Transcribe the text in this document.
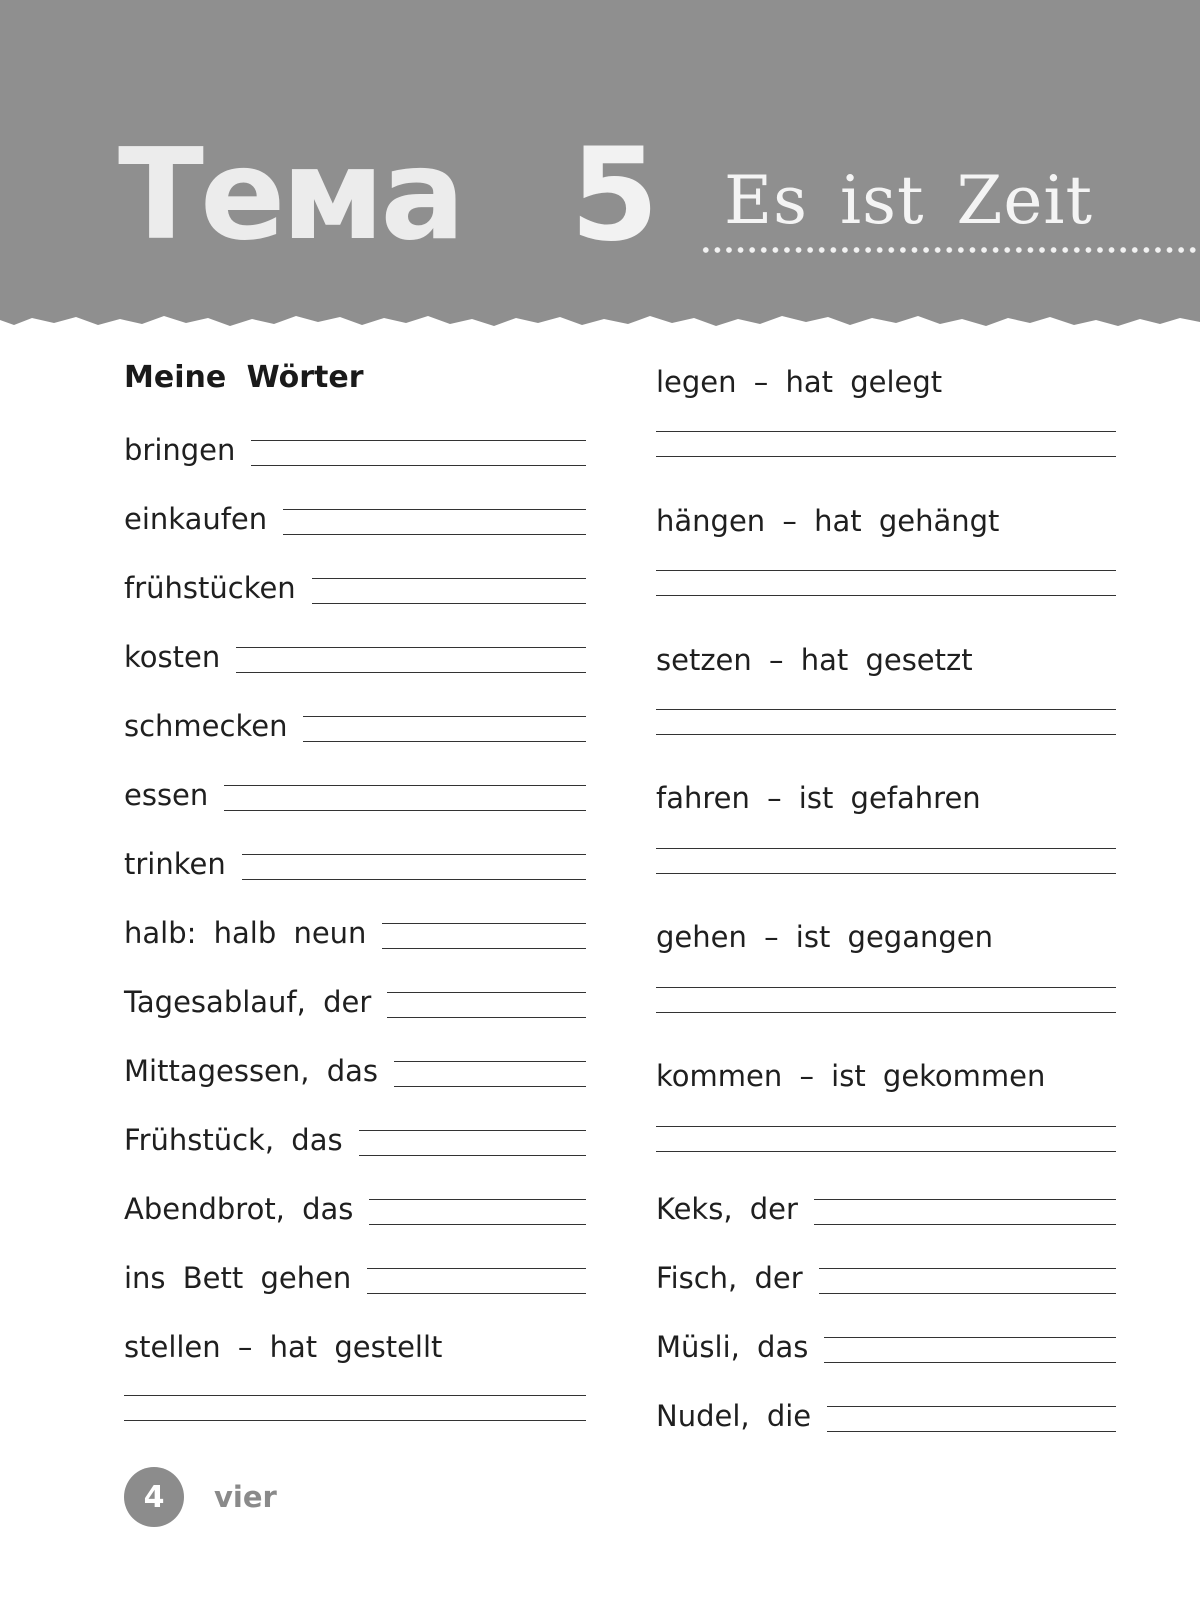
Тема 5 Es ist Zeit
Meine Wörter
bringen
einkaufen
frühstücken
kosten
schmecken
essen
trinken
halb: halb neun
Tagesablauf, der
Mittagessen, das
Frühstück, das
Abendbrot, das
ins Bett gehen
stellen – hat gestellt
legen – hat gelegt
hängen – hat gehängt
setzen – hat gesetzt
fahren – ist gefahren
gehen – ist gegangen
kommen – ist gekommen
Keks, der
Fisch, der
Müsli, das
Nudel, die
4	vier
